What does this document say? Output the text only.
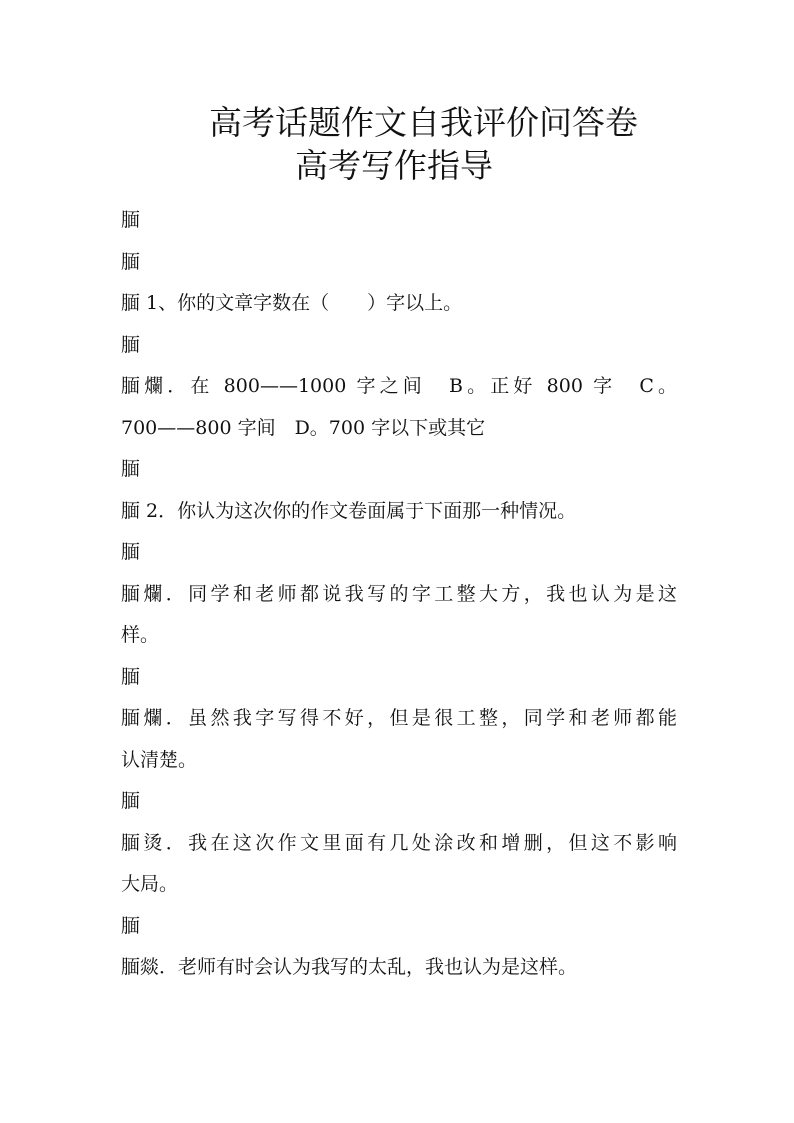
高考话题作文自我评价问答卷
高考写作指导
腼
腼
腼 1、你的文章字数在（　　）字以上。
腼
腼爛．在 800——1000 字之间　B。正好 800 字　C。
700——800 字间　D。700 字以下或其它
腼
腼 2．你认为这次你的作文卷面属于下面那一种情况。
腼
腼爛．同学和老师都说我写的字工整大方，我也认为是这
样。
腼
腼爛．虽然我字写得不好，但是很工整，同学和老师都能
认清楚。
腼
腼烫．我在这次作文里面有几处涂改和增删，但这不影响
大局。
腼
腼燚．老师有时会认为我写的太乱，我也认为是这样。
